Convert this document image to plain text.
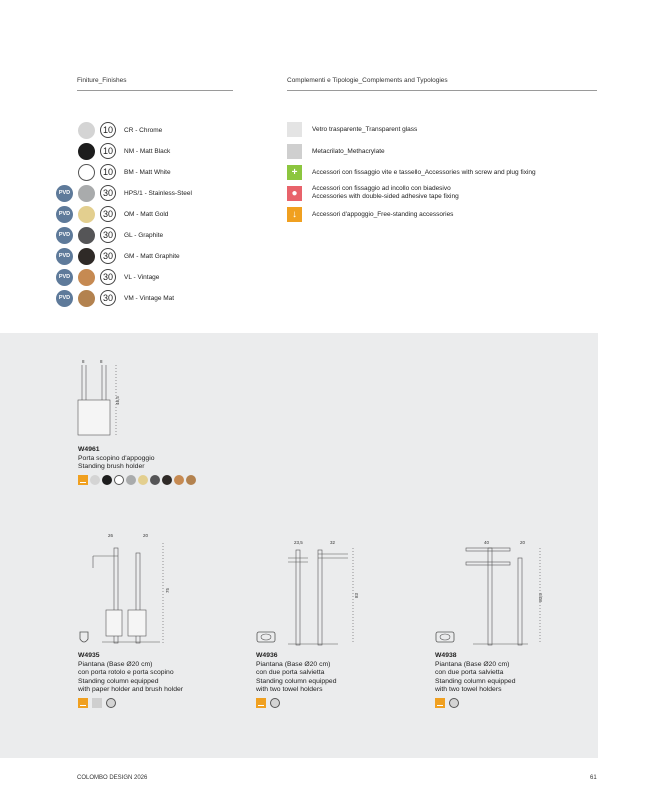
Finiture_Finishes	Complementi e Tipologie_Complements and Typologies
10	CR - Chrome
10	NM - Matt Black
10	BM - Matt White
PVD	30	HPS/1 - Stainless-Steel
PVD	30	OM - Matt Gold
PVD	30	GL - Graphite
PVD	30	GM - Matt Graphite
PVD	30	VL - Vintage
PVD	30	VM - Vintage Mat
Vetro trasparente_Transparent glass
Metacrilato_Methacrylate
+	Accessori con fissaggio vite e tassello_Accessories with screw and plug fixing
●	Accessori con fissaggio ad incollo con biadesivo
Accessories with double-sided adhesive tape fixing
↓	Accessori d'appoggio_Free-standing accessories
8	8
46,5
W4961
Porta scopino d'appoggio
Standing brush holder
26	20
75
W4935
Piantana (Base Ø20 cm)
con porta rotolo e porta scopino
Standing column equipped
with paper holder and brush holder

23,5	32
83
W4936
Piantana (Base Ø20 cm)
con due porta salvietta
Standing column equipped
with two towel holders

40	20
83,5
W4938
Piantana (Base Ø20 cm)
con due porta salvietta
Standing column equipped
with two towel holders

COLOMBO DESIGN 2026	61
